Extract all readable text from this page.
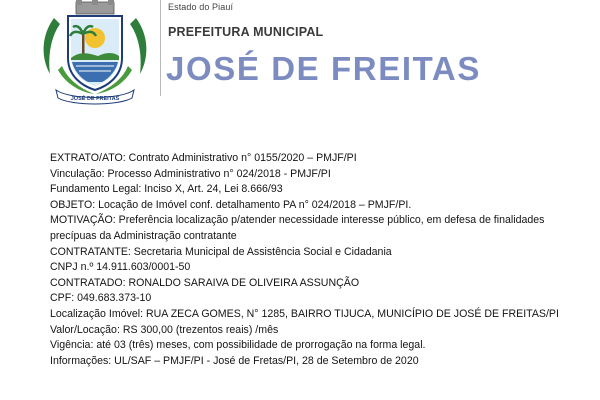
JOSÉ DE FREITAS
Estado do Piauí
PREFEITURA MUNICIPAL
JOSÉ DE FREITAS

EXTRATO/ATO: Contrato Administrativo n° 0155/2020 – PMJF/PI

Vinculação: Processo Administrativo n° 024/2018 - PMJF/PI

Fundamento Legal: Inciso X, Art. 24, Lei 8.666/93

OBJETO: Locação de Imóvel conf. detalhamento PA n° 024/2018 – PMJF/PI.

MOTIVAÇÃO: Preferência localização p/atender necessidade interesse público, em defesa de finalidades precípuas da Administração contratante

CONTRATANTE: Secretaria Municipal de Assistência Social e Cidadania

CNPJ n.º 14.911.603/0001-50

CONTRATADO: RONALDO SARAIVA DE OLIVEIRA ASSUNÇÃO

CPF: 049.683.373-10

Localização Imóvel: RUA ZECA GOMES, N° 1285, BAIRRO TIJUCA, MUNICÍPIO DE JOSÉ DE FREITAS/PI

Valor/Locação: RS 300,00 (trezentos reais) /mês

Vigência: até 03 (três) meses, com possibilidade de prorrogação na forma legal.

Informações: UL/SAF – PMJF/PI - José de Fretas/PI, 28 de Setembro de 2020
